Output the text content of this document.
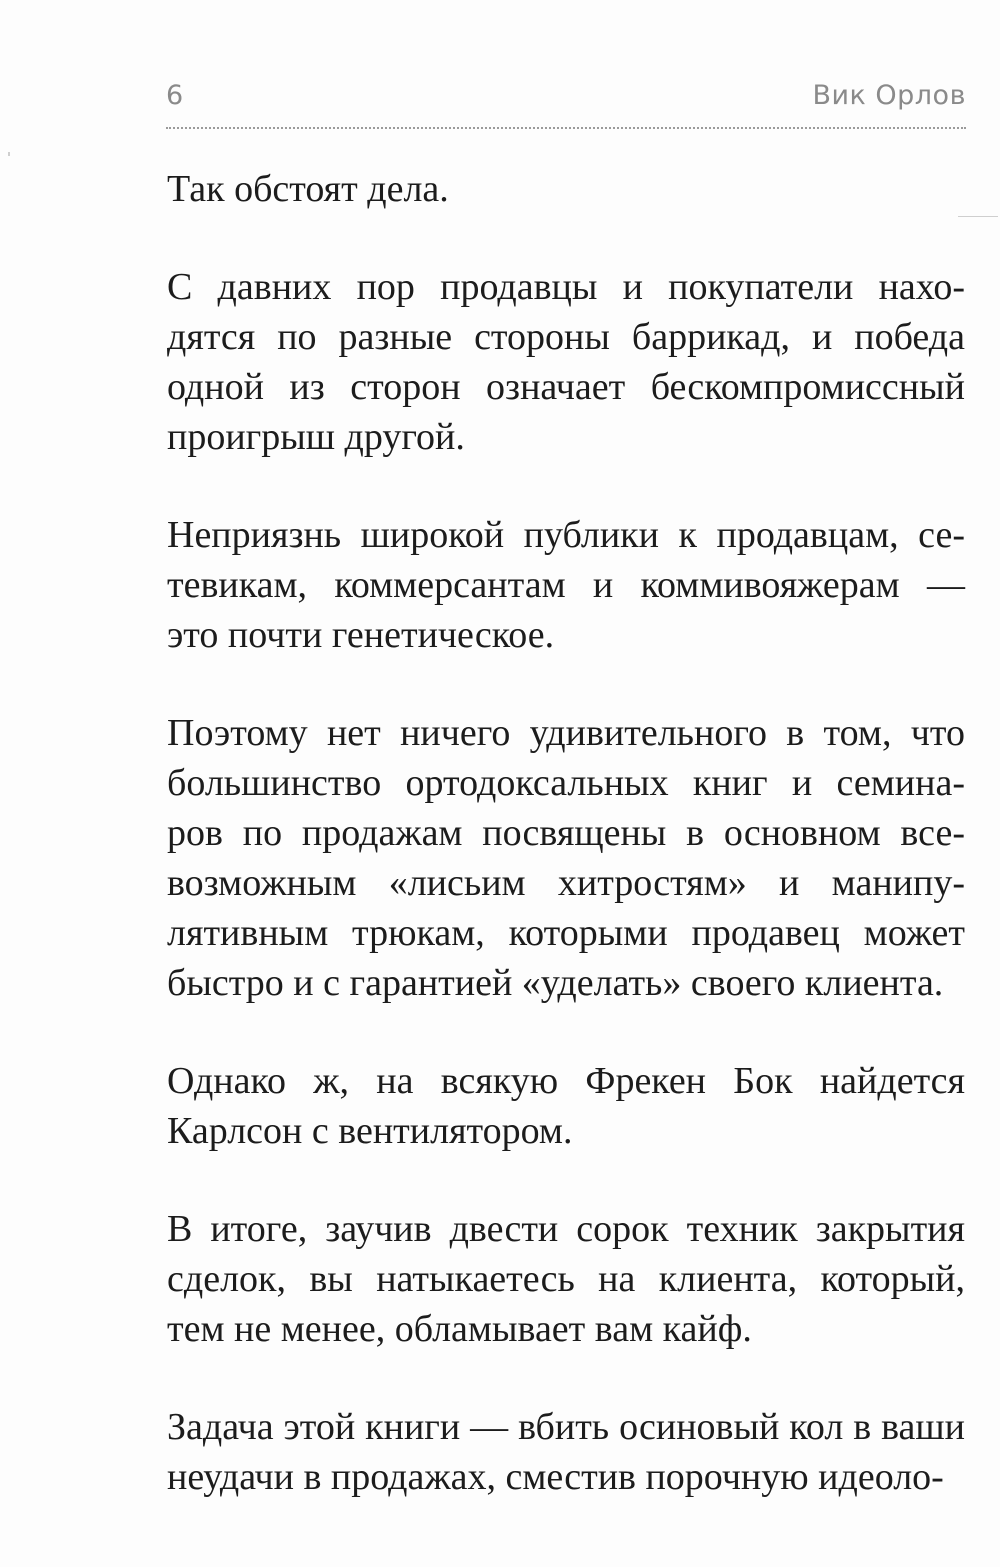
6	Вик Орлов

Так обстоят дела.

С давних пор продавцы и покупатели нахо-
дятся по разные стороны баррикад, и победа
одной из сторон означает бескомпромиссный
проигрыш другой.

Неприязнь широкой публики к продавцам, се-
тевикам, коммерсантам и коммивояжерам —
это почти генетическое.

Поэтому нет ничего удивительного в том, что
большинство ортодоксальных книг и семина-
ров по продажам посвящены в основном все-
возможным «лисьим хитростям» и манипу-
лятивным трюкам, которыми продавец может
быстро и с гарантией «уделать» своего клиента.

Однако ж, на всякую Фрекен Бок найдется
Карлсон с вентилятором.

В итоге, заучив двести сорок техник закрытия
сделок, вы натыкаетесь на клиента, который,
тем не менее, обламывает вам кайф.

Задача этой книги — вбить осиновый кол в ваши
неудачи в продажах, сместив порочную идеоло-
